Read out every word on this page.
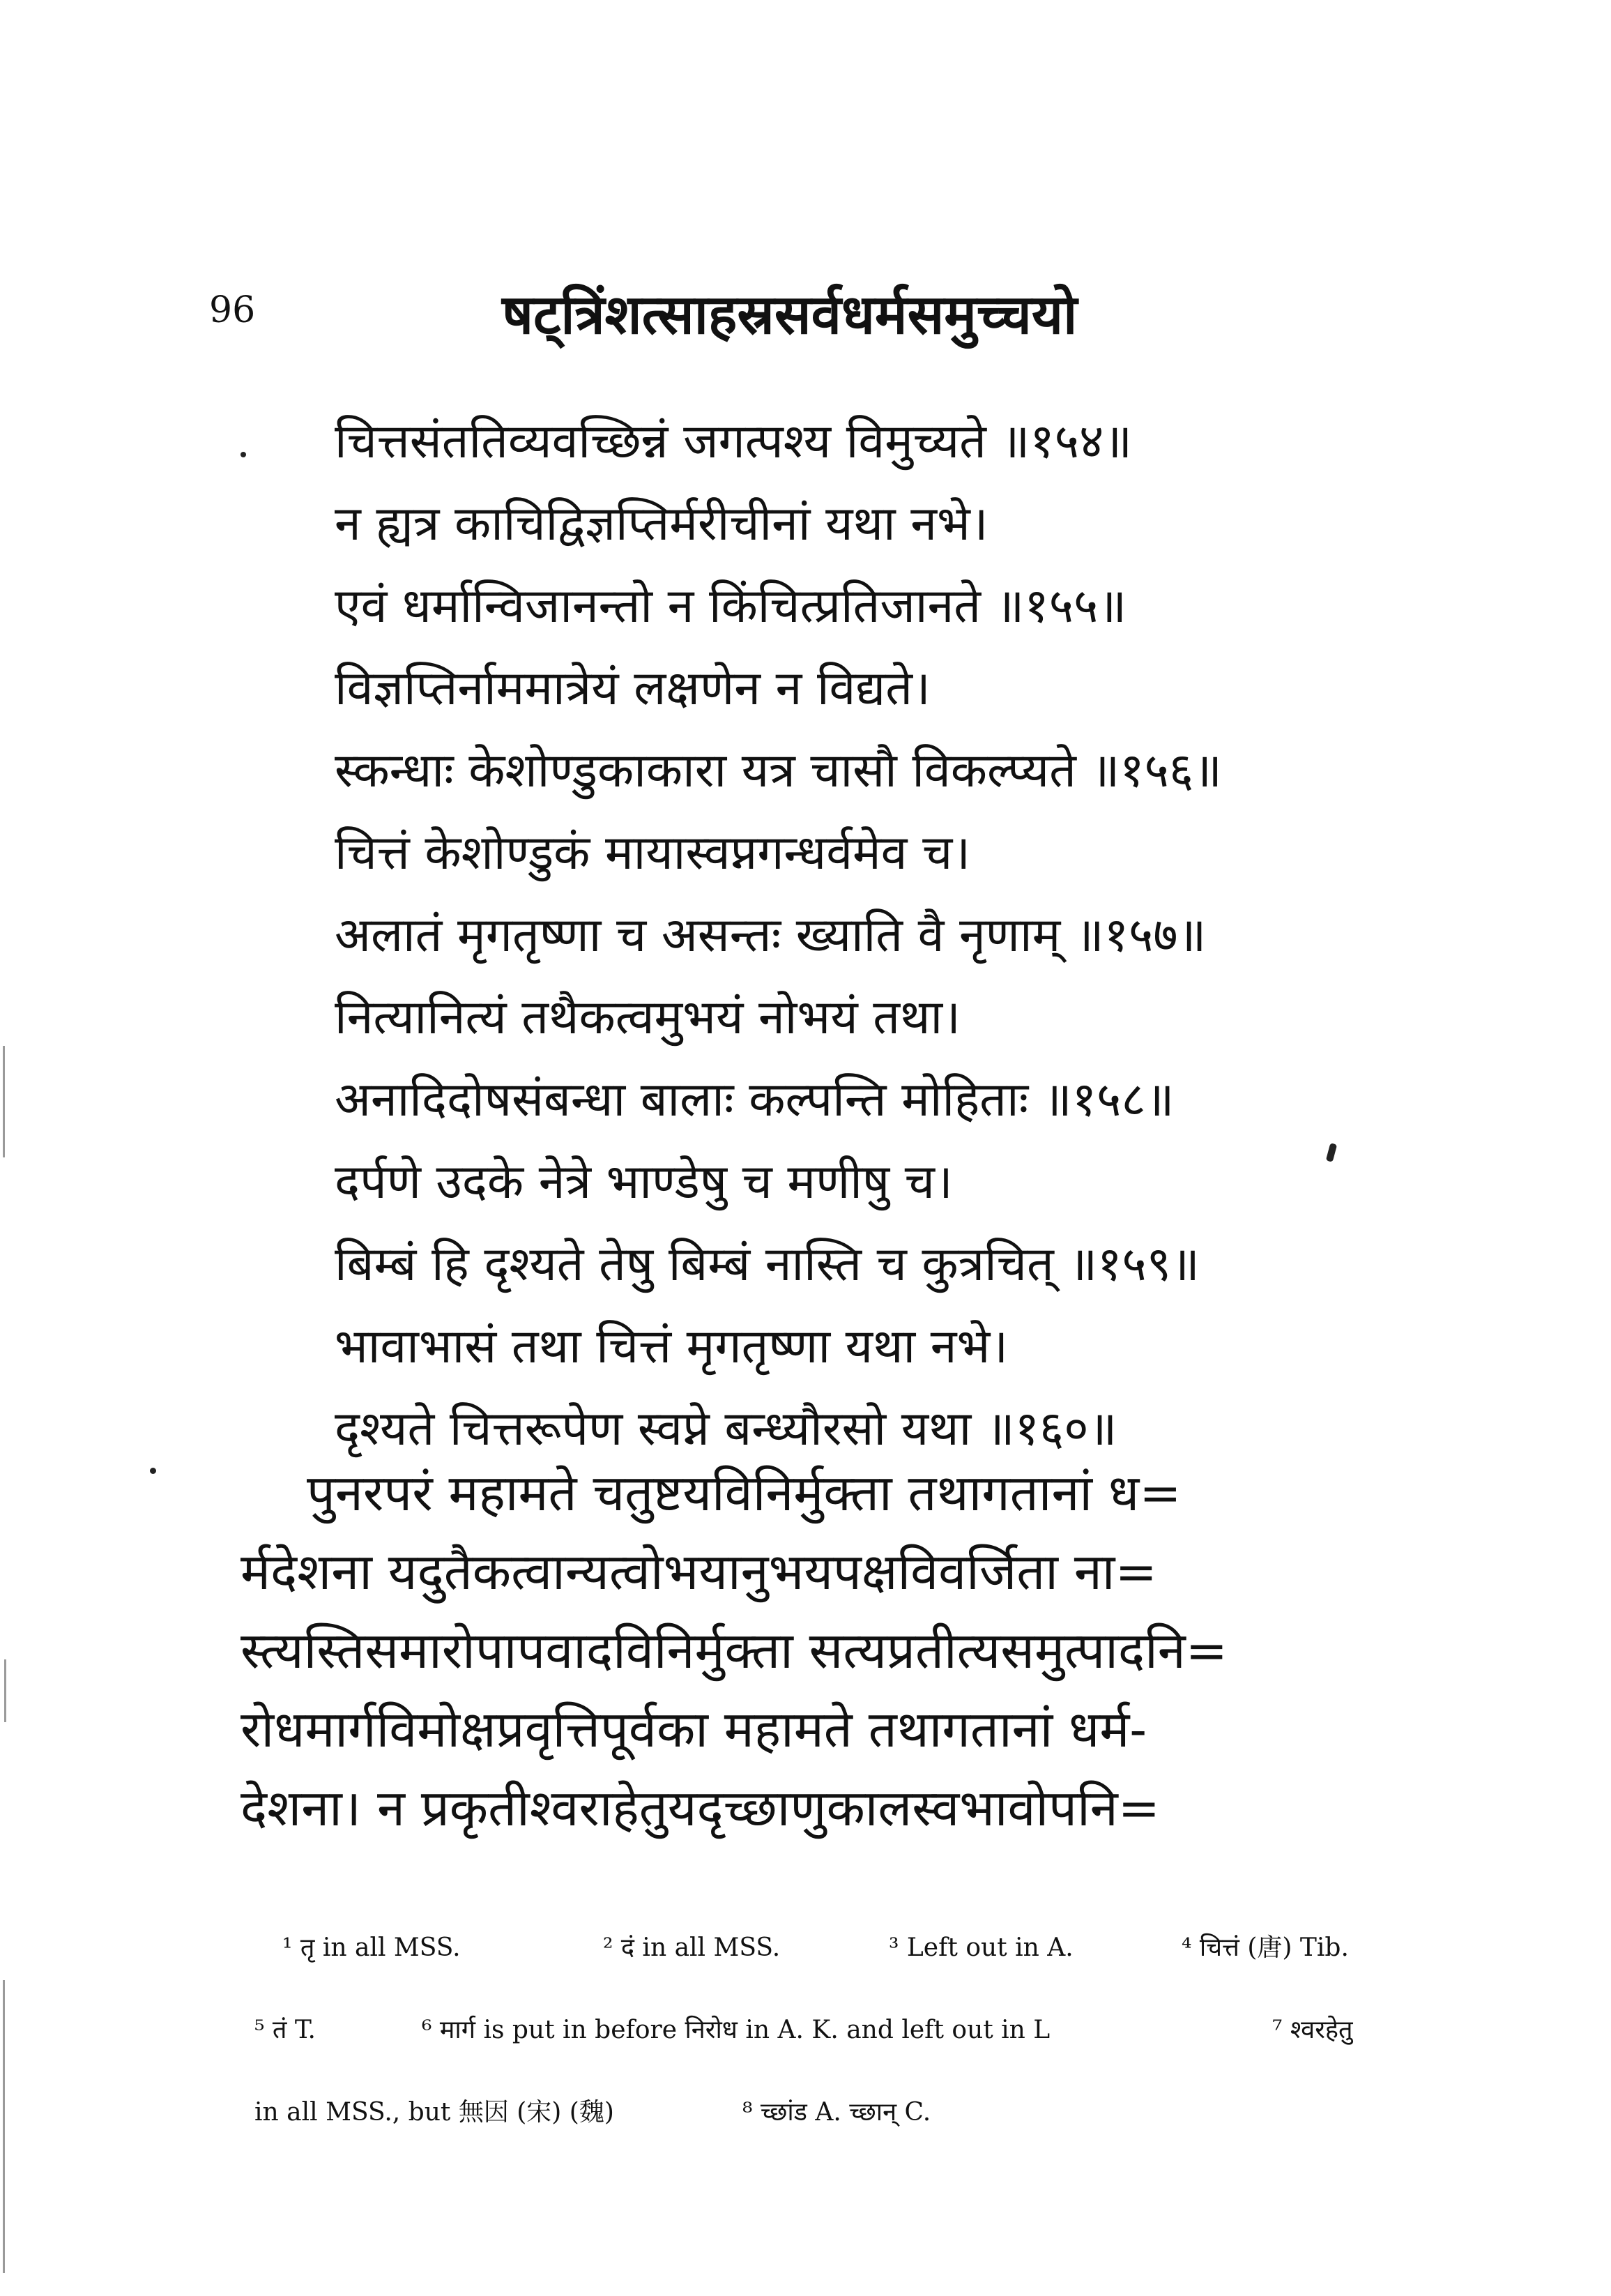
96	षट्त्रिंशत्साहस्रसर्वधर्मसमुच्चयो
चित्तसंततिव्यवच्छिन्नं जगत्पश्य विमुच्यते ॥१५४॥
न ह्यत्र काचिद्विज्ञप्तिर्मरीचीनां यथा नभे।
एवं धर्मान्विजानन्तो न किंचित्प्रतिजानते ॥१५५॥
विज्ञप्तिर्नाममात्रेयं लक्षणेन न विद्यते।
स्कन्धाः केशोण्डुकाकारा यत्र चासौ विकल्प्यते ॥१५६॥
चित्तं केशोण्डुकं मायास्वप्नगन्धर्वमेव च।
अलातं मृगतृष्णा च असन्तः ख्याति वै नृणाम् ॥१५७॥
नित्यानित्यं तथैकत्वमुभयं नोभयं तथा।
अनादिदोषसंबन्धा बालाः कल्पन्ति मोहिताः ॥१५८॥
दर्पणे उदके नेत्रे भाण्डेषु च मणीषु च।
बिम्बं हि दृश्यते तेषु बिम्बं नास्ति च कुत्रचित् ॥१५९॥
भावाभासं तथा चित्तं मृगतृष्णा यथा नभे।
दृश्यते चित्तरूपेण स्वप्ने बन्ध्यौरसो यथा ॥१६०॥
पुनरपरं महामते चतुष्टयविनिर्मुक्ता तथागतानां ध=
र्मदेशना यदुतैकत्वान्यत्वोभयानुभयपक्षविवर्जिता ना=
स्त्यस्तिसमारोपापवादविनिर्मुक्ता सत्यप्रतीत्यसमुत्पादनि=
रोधमार्गविमोक्षप्रवृत्तिपूर्वका महामते तथागतानां धर्म-
देशना। न प्रकृतीश्वराहेतुयदृच्छाणुकालस्वभावोपनि=
¹ तृ in all MSS.	² दं in all MSS.	³ Left out in A.	⁴ चित्तं (唐) Tib.
⁵ तं T.	⁶ मार्ग is put in before निरोध in A. K. and left out in L	⁷ श्वरहेतु
in all MSS., but 無因 (宋) (魏)	⁸ च्छांड A. च्छान् C.
